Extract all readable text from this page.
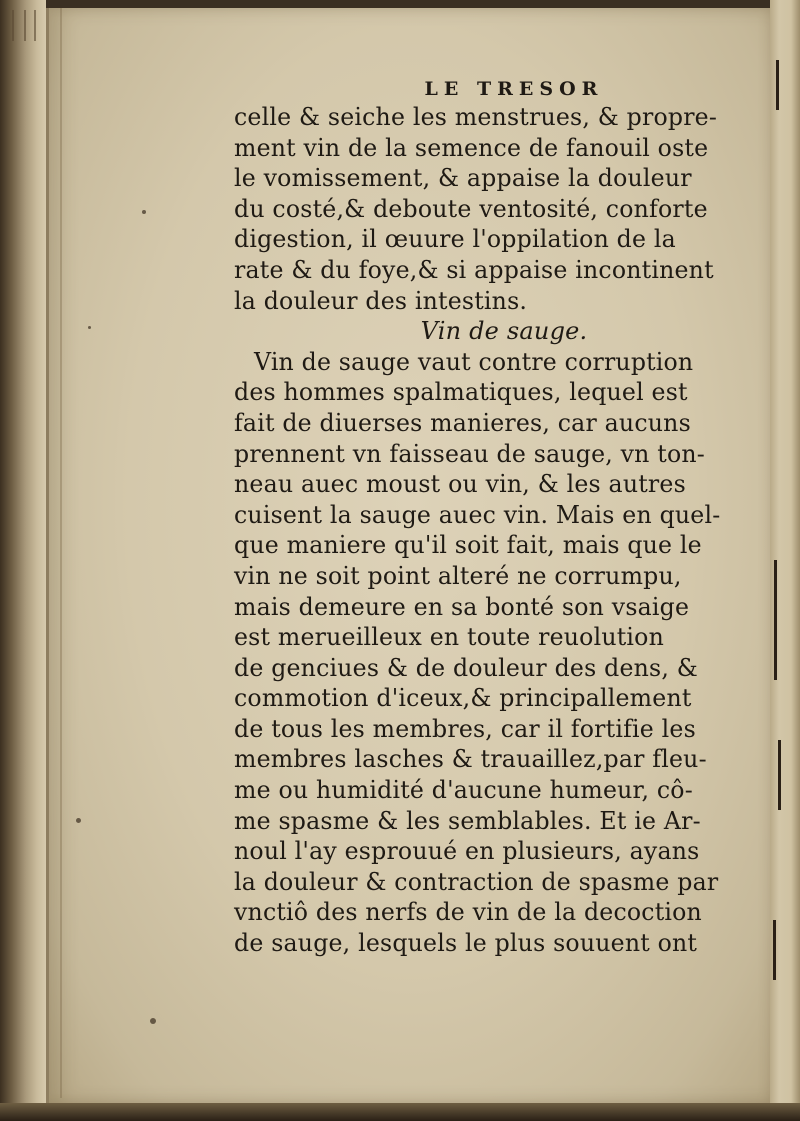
LE TRESOR
celle & seiche les menstrues, & propre-
ment vin de la semence de fanouil oste
le vomissement, & appaise la douleur
du costé,& deboute ventosité, conforte
digestion, il œuure l'oppilation de la
rate & du foye,& si appaise incontinent
la douleur des intestins.
Vin de sauge.
Vin de sauge vaut contre corruption
des hommes spalmatiques, lequel est
fait de diuerses manieres, car aucuns
prennent vn faisseau de sauge, vn ton-
neau auec moust ou vin, & les autres
cuisent la sauge auec vin. Mais en quel-
que maniere qu'il soit fait, mais que le
vin ne soit point alteré ne corrumpu,
mais demeure en sa bonté son vsaige
est merueilleux en toute reuolution
de genciues & de douleur des dens, &
commotion d'iceux,& principallement
de tous les membres, car il fortifie les
membres lasches & trauaillez,par fleu-
me ou humidité d'aucune humeur, cô-
me spasme & les semblables. Et ie Ar-
noul l'ay esprouué en plusieurs, ayans
la douleur & contraction de spasme par
vnctiô des nerfs de vin de la decoction
de sauge, lesquels le plus souuent ont
